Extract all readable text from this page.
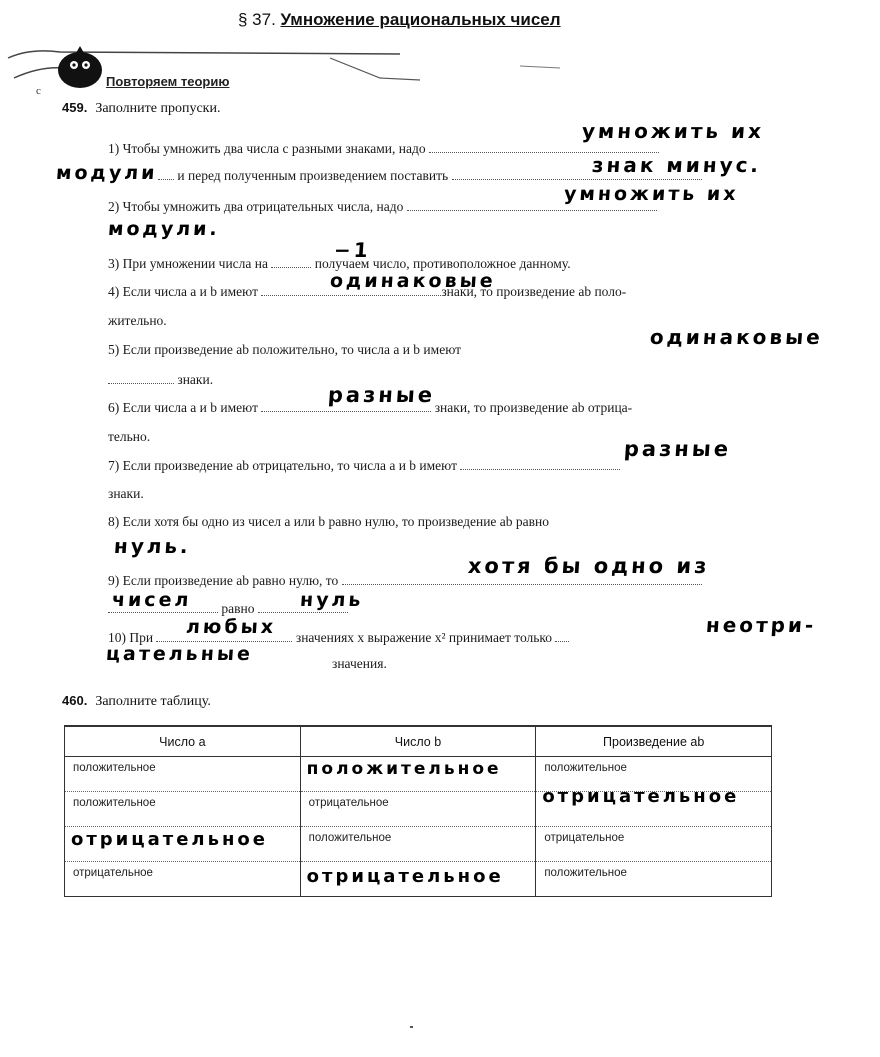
§ 37. Умножение рациональных чисел
c
Повторяем теорию
459. Заполните пропуски.
1) Чтобы умножить два числа с разными знаками, надо
умножить их
модули	и перед полученным произведением поставить	знак минус.
2) Чтобы умножить два отрицательных числа, надо
умножить их
модули.
3) При умножении числа на	получаем число, противоположное данному.
−1
4) Если числа a и b имеют	знаки, то произведение ab поло-
жительно.
одинаковые
5) Если произведение ab положительно, то числа a и b имеют
знаки.
одинаковые
6) Если числа a и b имеют	знаки, то произведение ab отрица-
тельно.
разные
7) Если произведение ab отрицательно, то числа a и b имеют
знаки.
разные
8) Если хотя бы одно из чисел a или b равно нулю, то произведение ab равно
нуль.
9) Если произведение ab равно нулю, то
хотя бы одно из
равно
чисел	нуль
10) При	значениях x выражение x² принимает только
любых	неотри-
цательные	значения.
460. Заполните таблицу.
Число a	Число b	Произведение ab

положительное	положительное	положительное

положительное	отрицательное	отрицательное

отрицательное	положительное	отрицательное

отрицательное	отрицательное	положительное
